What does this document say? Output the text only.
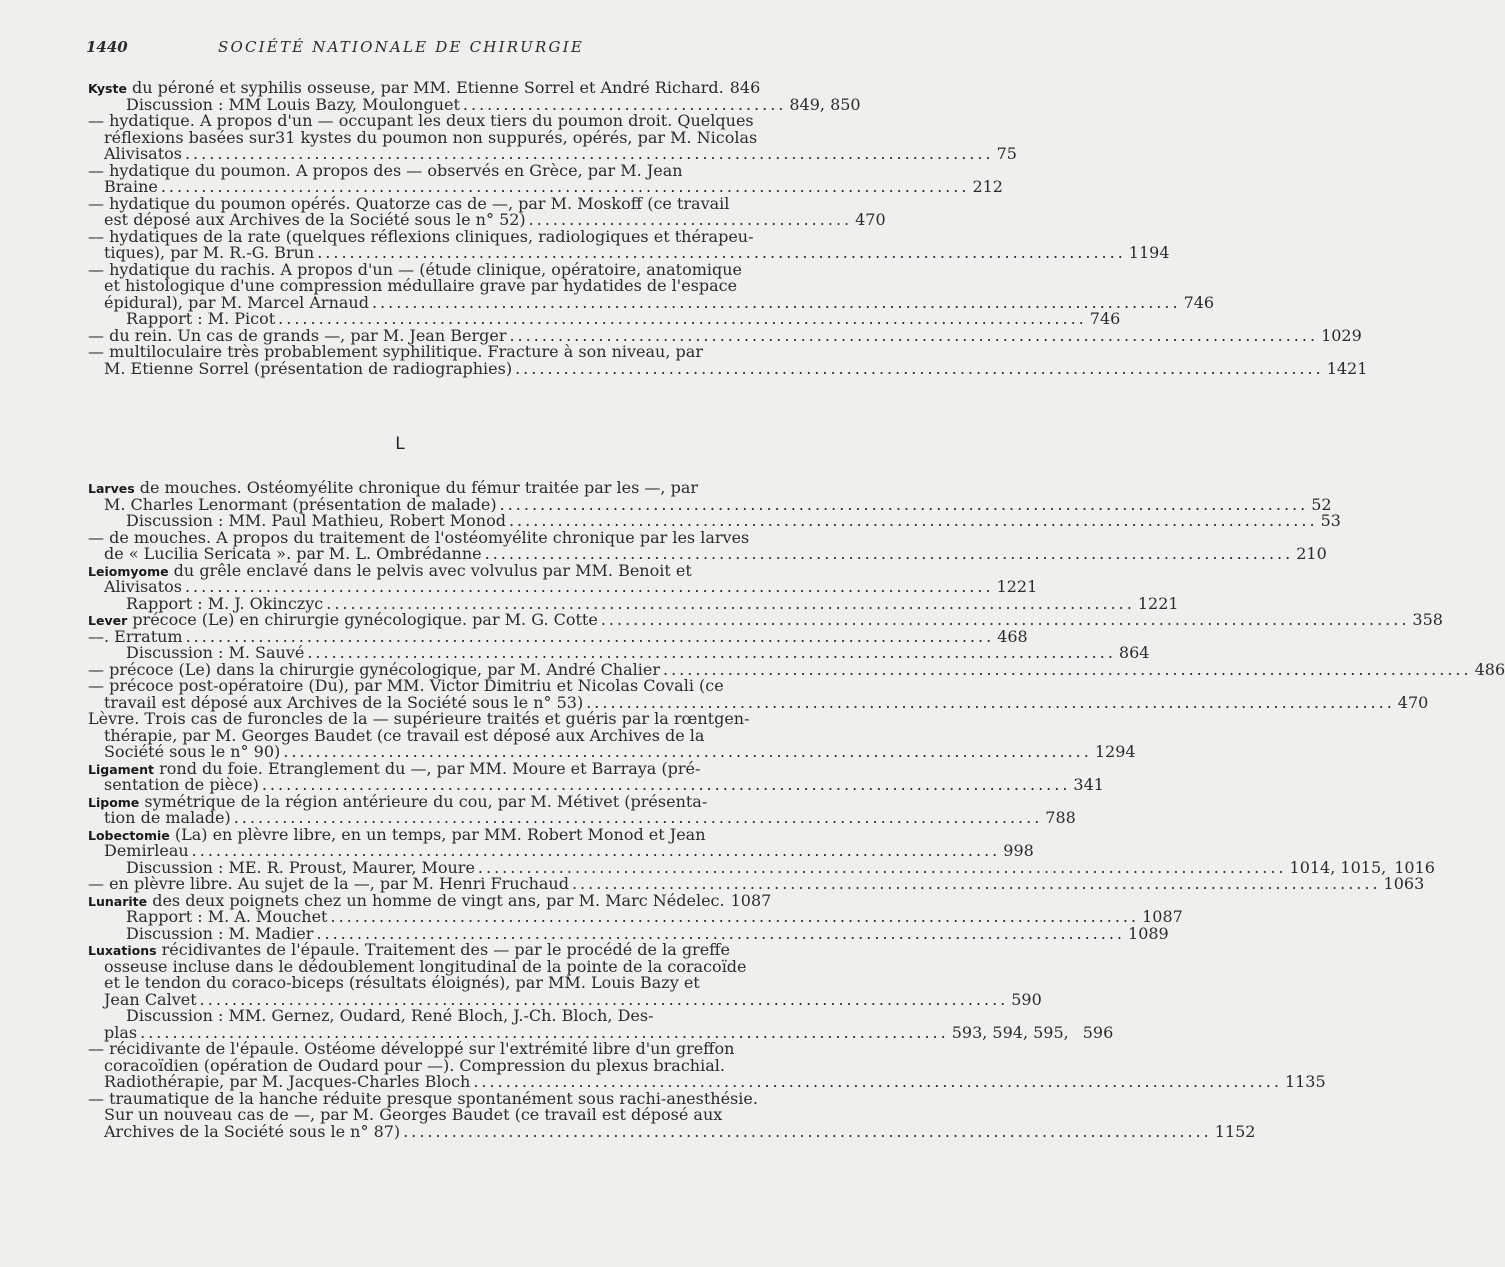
1440	SOCIÉTÉ NATIONALE DE CHIRURGIE
Kyste du péroné et syphilis osseuse, par MM. Etienne Sorrel et André Richard. 846
Discussion : MM Louis Bazy, Moulonguet ........................................ 849, 850
— hydatique. A propos d'un — occupant les deux tiers du poumon droit. Quelques
réflexions basées sur31 kystes du poumon non suppurés, opérés, par M. Nicolas
Alivisatos .................................................................................................... 75
— hydatique du poumon. A propos des — observés en Grèce, par M. Jean
Braine .................................................................................................... 212
— hydatique du poumon opérés. Quatorze cas de —, par M. Moskoff (ce travail
est déposé aux Archives de la Société sous le n° 52) ........................................ 470
— hydatiques de la rate (quelques réflexions cliniques, radiologiques et thérapeu-
tiques), par M. R.-G. Brun .................................................................................................... 1194
— hydatique du rachis. A propos d'un — (étude clinique, opératoire, anatomique
et histologique d'une compression médullaire grave par hydatides de l'espace
épidural), par M. Marcel Arnaud .................................................................................................... 746
Rapport : M. Picot .................................................................................................... 746
— du rein. Un cas de grands —, par M. Jean Berger .................................................................................................... 1029
— multiloculaire très probablement syphilitique. Fracture à son niveau, par
M. Etienne Sorrel (présentation de radiographies) .................................................................................................... 1421
L
Larves de mouches. Ostéomyélite chronique du fémur traitée par les —, par
M. Charles Lenormant (présentation de malade) .................................................................................................... 52
Discussion : MM. Paul Mathieu, Robert Monod .................................................................................................... 53
— de mouches. A propos du traitement de l'ostéomyélite chronique par les larves
de « Lucilia Sericata ». par M. L. Ombrédanne .................................................................................................... 210
Leiomyome du grêle enclavé dans le pelvis avec volvulus par MM. Benoit et
Alivisatos .................................................................................................... 1221
Rapport : M. J. Okinczyc .................................................................................................... 1221
Lever précoce (Le) en chirurgie gynécologique. par M. G. Cotte .................................................................................................... 358
—. Erratum .................................................................................................... 468
Discussion : M. Sauvé .................................................................................................... 864
— précoce (Le) dans la chirurgie gynécologique, par M. André Chalier .................................................................................................... 486
— précoce post-opératoire (Du), par MM. Victor Dimitriu et Nicolas Covali (ce
travail est déposé aux Archives de la Société sous le n° 53) .................................................................................................... 470
Lèvre. Trois cas de furoncles de la — supérieure traités et guéris par la rœntgen-
thérapie, par M. Georges Baudet (ce travail est déposé aux Archives de la
Société sous le n° 90) .................................................................................................... 1294
Ligament rond du foie. Etranglement du —, par MM. Moure et Barraya (pré-
sentation de pièce) .................................................................................................... 341
Lipome symétrique de la région antérieure du cou, par M. Métivet (présenta-
tion de malade) .................................................................................................... 788
Lobectomie (La) en plèvre libre, en un temps, par MM. Robert Monod et Jean
Demirleau .................................................................................................... 998
Discussion : ME. R. Proust, Maurer, Moure .................................................................................................... 1014, 1015, 1016
— en plèvre libre. Au sujet de la —, par M. Henri Fruchaud .................................................................................................... 1063
Lunarite des deux poignets chez un homme de vingt ans, par M. Marc Nédelec. 1087
Rapport : M. A. Mouchet .................................................................................................... 1087
Discussion : M. Madier .................................................................................................... 1089
Luxations récidivantes de l'épaule. Traitement des — par le procédé de la greffe
osseuse incluse dans le dédoublement longitudinal de la pointe de la coracoïde
et le tendon du coraco-biceps (résultats éloignés), par MM. Louis Bazy et
Jean Calvet .................................................................................................... 590
Discussion : MM. Gernez, Oudard, René Bloch, J.-Ch. Bloch, Des-
plas .................................................................................................... 593, 594, 595, 596
— récidivante de l'épaule. Ostéome développé sur l'extrémité libre d'un greffon
coracoïdien (opération de Oudard pour —). Compression du plexus brachial.
Radiothérapie, par M. Jacques-Charles Bloch .................................................................................................... 1135
— traumatique de la hanche réduite presque spontanément sous rachi-anesthésie.
Sur un nouveau cas de —, par M. Georges Baudet (ce travail est déposé aux
Archives de la Société sous le n° 87) .................................................................................................... 1152
